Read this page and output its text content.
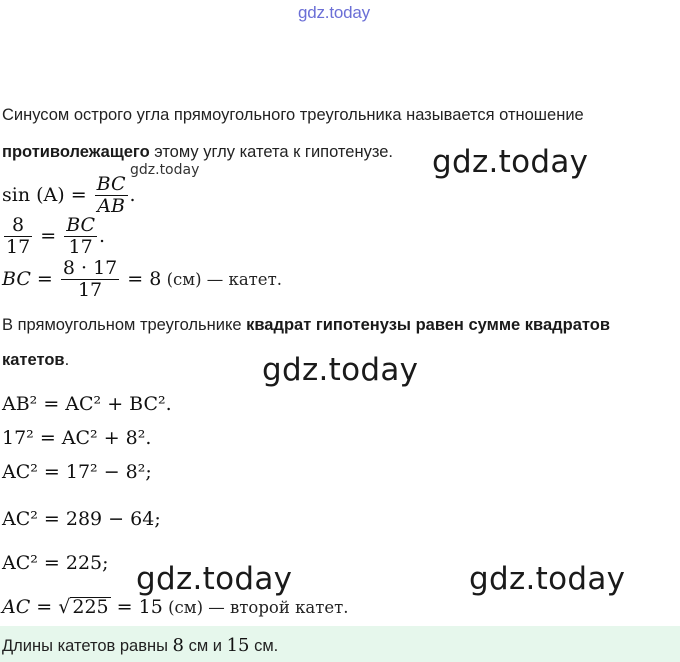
gdz.today
gdz.today
gdz.today
gdz.today
gdz.today	gdz.today
Синусом острого угла прямоугольного треугольника называется отношение
противолежащего этому углу катета к гипотенузе.
$\sin (A) = \frac{BC}{AB}$ .
$\frac{8}{17} = \frac{BC}{17}$ .
BC = $\frac{8 \cdot 17}{17} = 8$ (см) — катет.
В прямоугольном треугольнике квадрат гипотенузы равен сумме квадратов
катетов.
AB² = AC² + BC².
17² = AC² + 8².
AC² = 17² − 8²;
AC² = 289 − 64;
AC² = 225;
AC = √ 225 = 15 (см) — второй катет.
Длины катетов равны 8 см и 15 см.
